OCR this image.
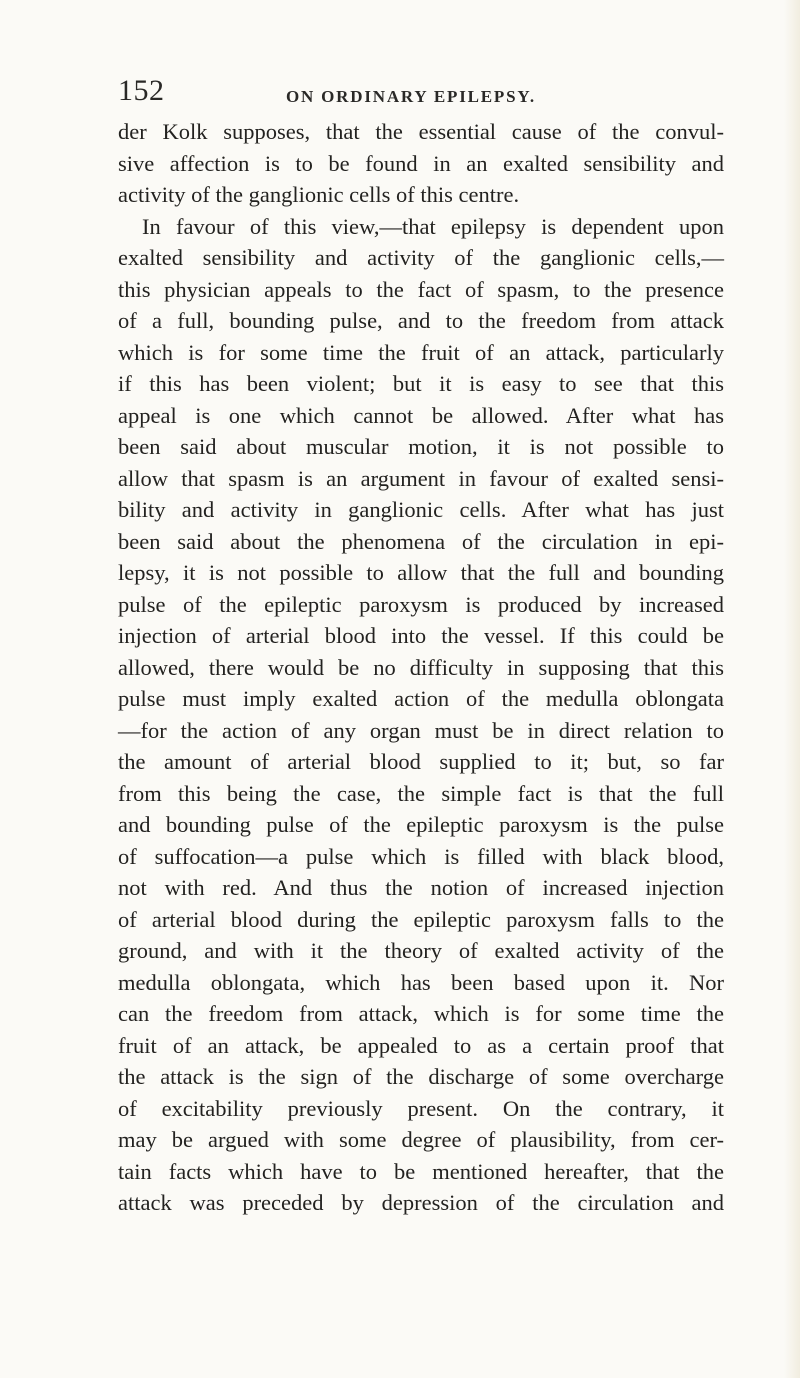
152	ON ORDINARY EPILEPSY.
der Kolk supposes, that the essential cause of the convul-
sive affection is to be found in an exalted sensibility and
activity of the ganglionic cells of this centre.
In favour of this view,—that epilepsy is dependent upon
exalted sensibility and activity of the ganglionic cells,—
this physician appeals to the fact of spasm, to the presence
of a full, bounding pulse, and to the freedom from attack
which is for some time the fruit of an attack, particularly
if this has been violent; but it is easy to see that this
appeal is one which cannot be allowed. After what has
been said about muscular motion, it is not possible to
allow that spasm is an argument in favour of exalted sensi-
bility and activity in ganglionic cells. After what has just
been said about the phenomena of the circulation in epi-
lepsy, it is not possible to allow that the full and bounding
pulse of the epileptic paroxysm is produced by increased
injection of arterial blood into the vessel. If this could be
allowed, there would be no difficulty in supposing that this
pulse must imply exalted action of the medulla oblongata
—for the action of any organ must be in direct relation to
the amount of arterial blood supplied to it; but, so far
from this being the case, the simple fact is that the full
and bounding pulse of the epileptic paroxysm is the pulse
of suffocation—a pulse which is filled with black blood,
not with red. And thus the notion of increased injection
of arterial blood during the epileptic paroxysm falls to the
ground, and with it the theory of exalted activity of the
medulla oblongata, which has been based upon it. Nor
can the freedom from attack, which is for some time the
fruit of an attack, be appealed to as a certain proof that
the attack is the sign of the discharge of some overcharge
of excitability previously present. On the contrary, it
may be argued with some degree of plausibility, from cer-
tain facts which have to be mentioned hereafter, that the
attack was preceded by depression of the circulation and
